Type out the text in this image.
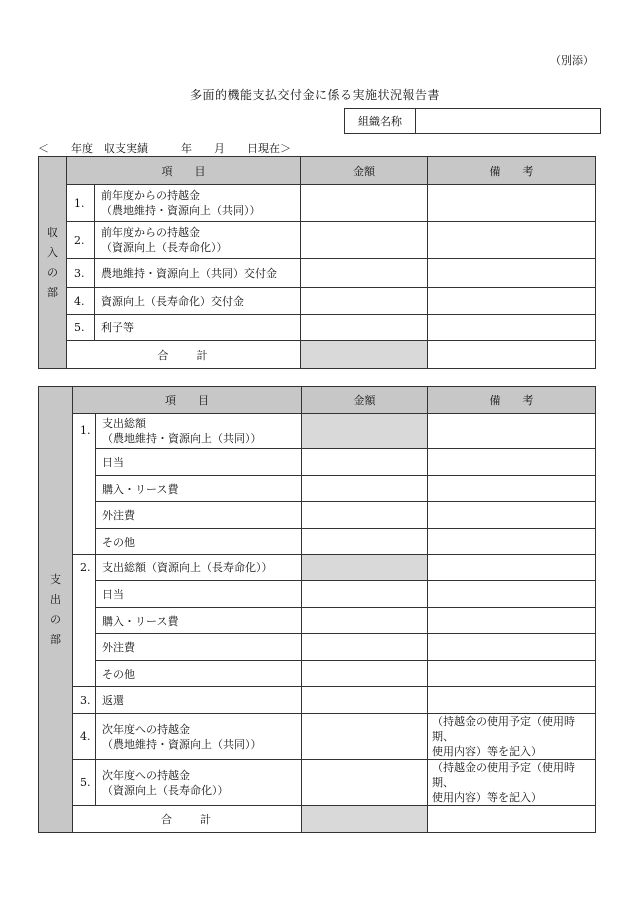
（別添）
多面的機能支払交付金に係る実施状況報告書
組織名称	
＜　　年度　収支実績　　　年　　月　　日現在＞
収
入
の
部	項　　目		金額	備　　考
	1.	前年度からの持越金
（農地維持・資源向上（共同））		
	2.	前年度からの持越金
（資源向上（長寿命化））		
	3.	農地維持・資源向上（共同）交付金		
	4.	資源向上（長寿命化）交付金		
	5.	利子等		
	合　　計			
支
出
の
部	項　　目		金額	備　　考
	1.	支出総額
（農地維持・資源向上（共同））		
		日当		
		購入・リース費		
		外注費		
		その他		
	2.	支出総額（資源向上（長寿命化））		
		日当		
		購入・リース費		
		外注費		
		その他		
	3.	返還		
	4.	次年度への持越金
（農地維持・資源向上（共同））		（持越金の使用予定（使用時期、
使用内容）等を記入）
	5.	次年度への持越金
（資源向上（長寿命化））		（持越金の使用予定（使用時期、
使用内容）等を記入）
	合　　計			
